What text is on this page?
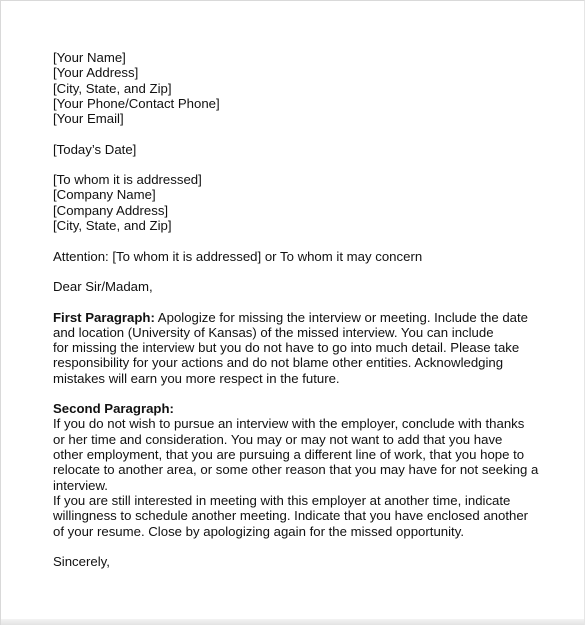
[Your Name]
[Your Address]
[City, State, and Zip]
[Your Phone/Contact Phone]
[Your Email]
[Today’s Date]
[To whom it is addressed]
[Company Name]
[Company Address]
[City, State, and Zip]
Attention: [To whom it is addressed] or To whom it may concern
Dear Sir/Madam,
First Paragraph: Apologize for missing the interview or meeting. Include the date
and location (University of Kansas) of the missed interview. You can include
for missing the interview but you do not have to go into much detail. Please take
responsibility for your actions and do not blame other entities. Acknowledging
mistakes will earn you more respect in the future.
Second Paragraph:
If you do not wish to pursue an interview with the employer, conclude with thanks
or her time and consideration. You may or may not want to add that you have
other employment, that you are pursuing a different line of work, that you hope to
relocate to another area, or some other reason that you may have for not seeking a
interview.
If you are still interested in meeting with this employer at another time, indicate
willingness to schedule another meeting. Indicate that you have enclosed another
of your resume. Close by apologizing again for the missed opportunity.
Sincerely,
